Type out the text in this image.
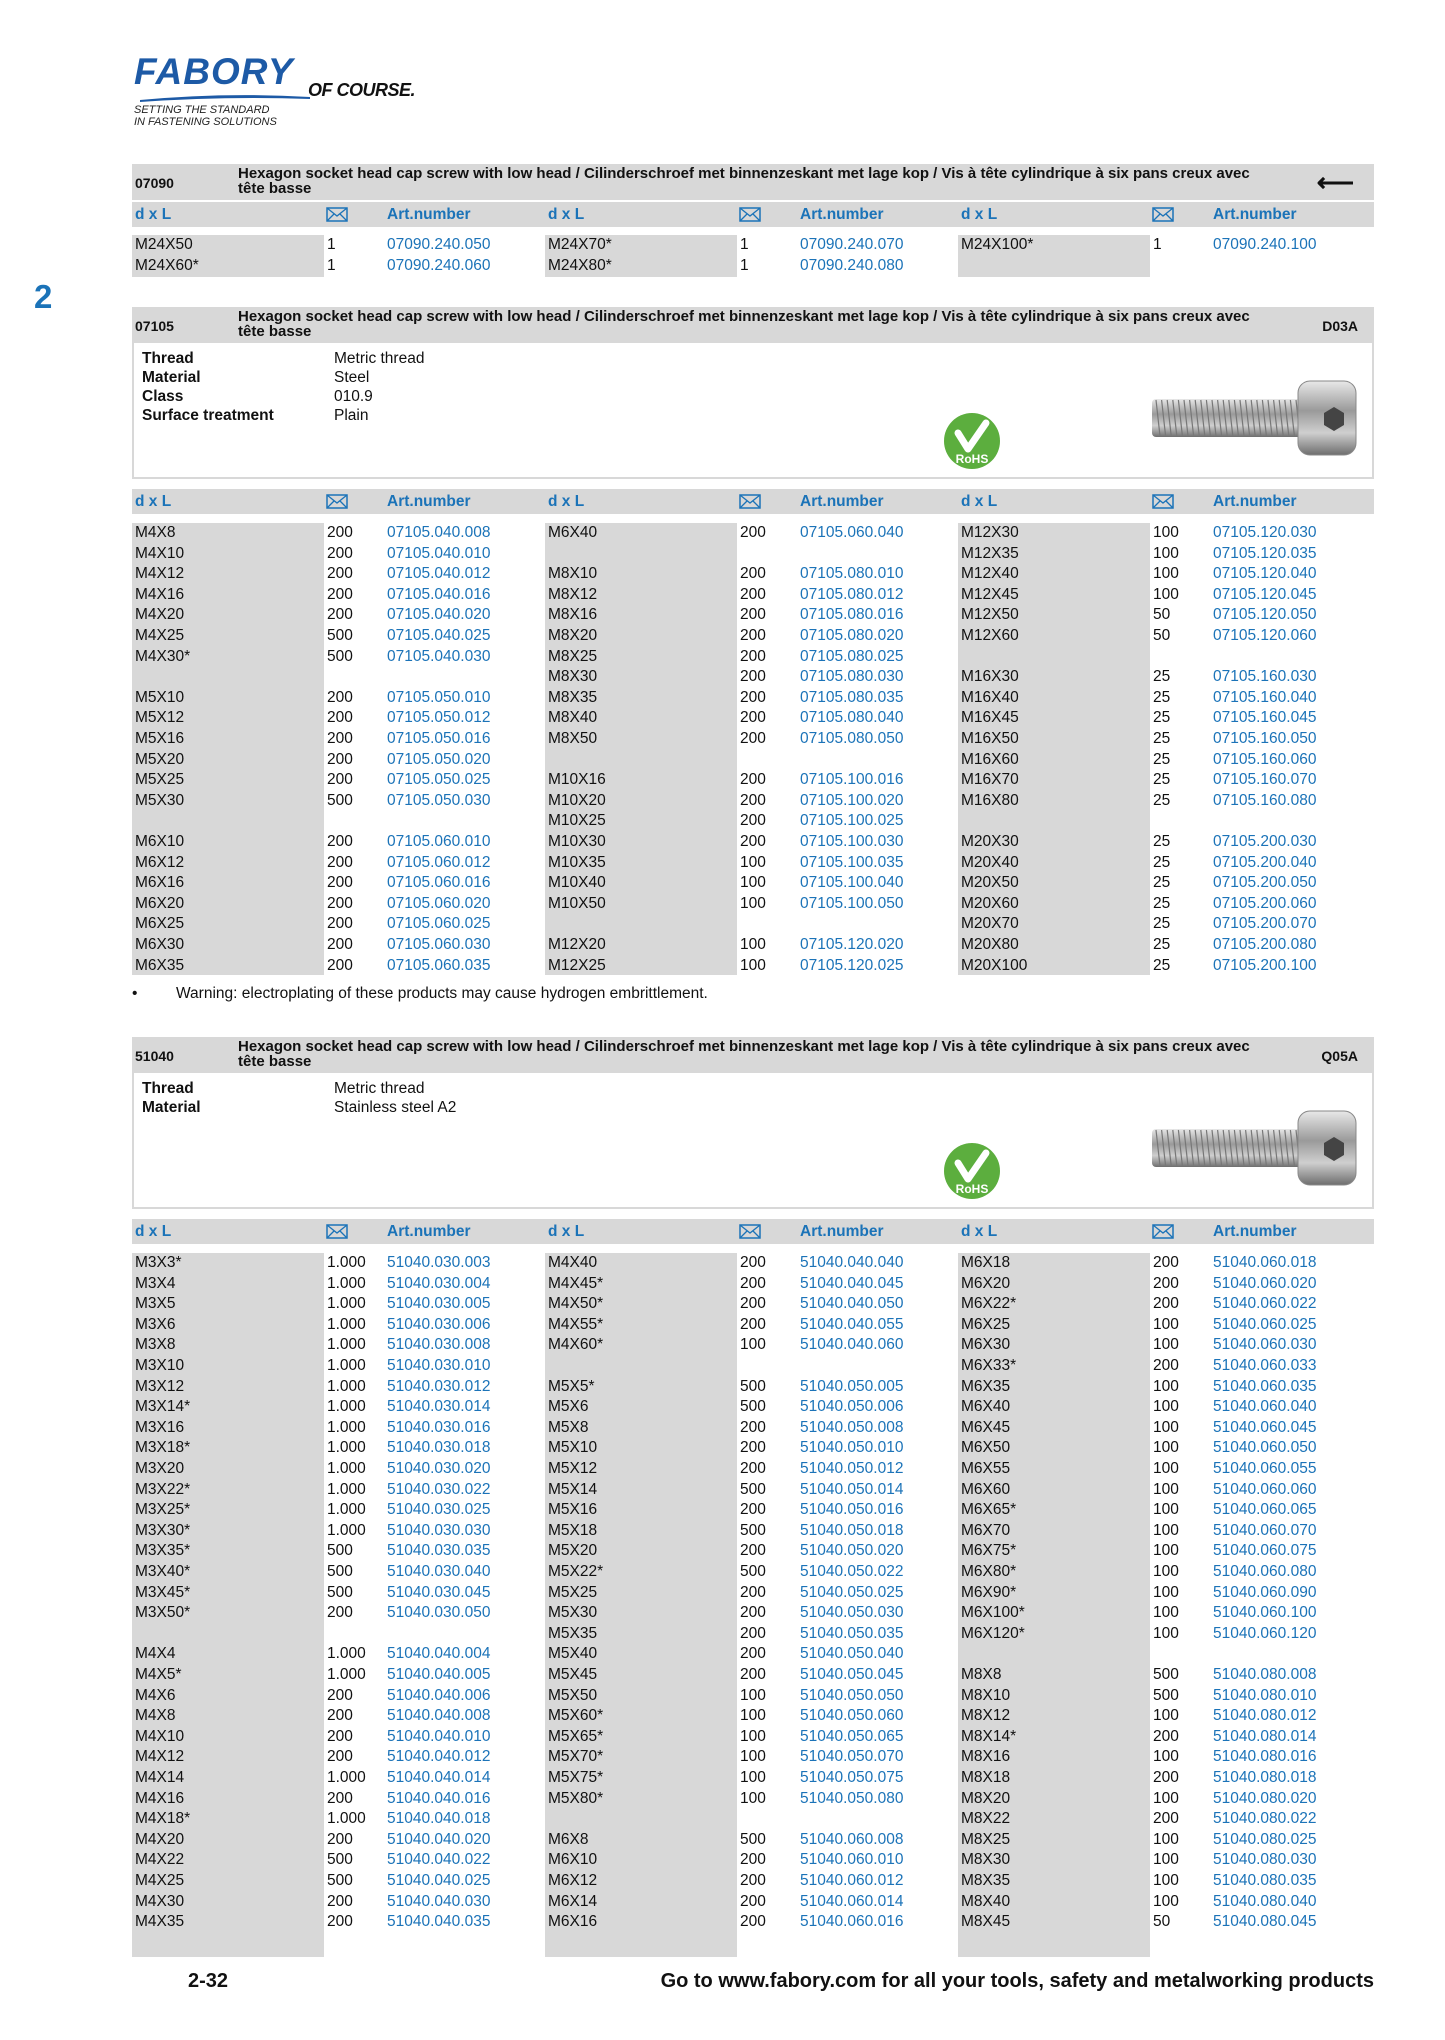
FABORY OF COURSE.
SETTING THE STANDARD
IN FASTENING SOLUTIONS
2
07090
Hexagon socket head cap screw with low head / Cilinderschroef met binnenzeskant met lage kop / Vis à tête cylindrique à six pans creux avec tête basse	⟵
d x L	Art.number	d x L	Art.number	d x L	Art.number
M24X50	1	07090.240.050
M24X60*	1	07090.240.060
M24X70*	1	07090.240.070
M24X80*	1	07090.240.080
M24X100*	1	07090.240.100
07105
Hexagon socket head cap screw with low head / Cilinderschroef met binnenzeskant met lage kop / Vis à tête cylindrique à six pans creux avec tête basse	D03A
Thread	Metric thread
Material	Steel
Class	010.9
Surface treatment	Plain
RoHS
d x L	Art.number	d x L	Art.number	d x L	Art.number
M4X8	200 07105.040.008
M4X10	200 07105.040.010
M4X12	200 07105.040.012
M4X16	200 07105.040.016
M4X20	200 07105.040.020
M4X25	500 07105.040.025
M4X30*	500 07105.040.030
M5X10	200 07105.050.010
M5X12	200 07105.050.012
M5X16	200 07105.050.016
M5X20	200 07105.050.020
M5X25	200 07105.050.025
M5X30	500 07105.050.030
M6X10	200 07105.060.010
M6X12	200 07105.060.012
M6X16	200 07105.060.016
M6X20	200 07105.060.020
M6X25	200 07105.060.025
M6X30	200 07105.060.030
M6X35	200 07105.060.035
M6X40	200 07105.060.040
M8X10	200 07105.080.010
M8X12	200 07105.080.012
M8X16	200 07105.080.016
M8X20	200 07105.080.020
M8X25	200 07105.080.025
M8X30	200 07105.080.030
M8X35	200 07105.080.035
M8X40	200 07105.080.040
M8X50	200 07105.080.050
M10X16	200 07105.100.016
M10X20	200 07105.100.020
M10X25	200 07105.100.025
M10X30	200 07105.100.030
M10X35	100 07105.100.035
M10X40	100 07105.100.040
M10X50	100 07105.100.050
M12X20	100 07105.120.020
M12X25	100 07105.120.025
M12X30	100 07105.120.030
M12X35	100 07105.120.035
M12X40	100 07105.120.040
M12X45	100 07105.120.045
M12X50	50	07105.120.050
M12X60	50	07105.120.060
M16X30	25	07105.160.030
M16X40	25	07105.160.040
M16X45	25	07105.160.045
M16X50	25	07105.160.050
M16X60	25	07105.160.060
M16X70	25	07105.160.070
M16X80	25	07105.160.080
M20X30	25	07105.200.030
M20X40	25	07105.200.040
M20X50	25	07105.200.050
M20X60	25	07105.200.060
M20X70	25	07105.200.070
M20X80	25	07105.200.080
M20X100	25	07105.200.100
• Warning: electroplating of these products may cause hydrogen embrittlement.
51040
Hexagon socket head cap screw with low head / Cilinderschroef met binnenzeskant met lage kop / Vis à tête cylindrique à six pans creux avec tête basse	Q05A
Thread	Metric thread
Material	Stainless steel A2
RoHS
d x L	Art.number	d x L	Art.number	d x L	Art.number
M3X3*	1.000 51040.030.003
M3X4	1.000 51040.030.004
M3X5	1.000 51040.030.005
M3X6	1.000 51040.030.006
M3X8	1.000 51040.030.008
M3X10	1.000 51040.030.010
M3X12	1.000 51040.030.012
M3X14*	1.000 51040.030.014
M3X16	1.000 51040.030.016
M3X18*	1.000 51040.030.018
M3X20	1.000 51040.030.020
M3X22*	1.000 51040.030.022
M3X25*	1.000 51040.030.025
M3X30*	1.000 51040.030.030
M3X35*	500 51040.030.035
M3X40*	500 51040.030.040
M3X45*	500 51040.030.045
M3X50*	200 51040.030.050
M4X4	1.000 51040.040.004
M4X5*	1.000 51040.040.005
M4X6	200 51040.040.006
M4X8	200 51040.040.008
M4X10	200 51040.040.010
M4X12	200 51040.040.012
M4X14	1.000 51040.040.014
M4X16	200 51040.040.016
M4X18*	1.000 51040.040.018
M4X20	200 51040.040.020
M4X22	500 51040.040.022
M4X25	500 51040.040.025
M4X30	200 51040.040.030
M4X35	200 51040.040.035
M4X40	200 51040.040.040
M4X45*	200 51040.040.045
M4X50*	200 51040.040.050
M4X55*	200 51040.040.055
M4X60*	100 51040.040.060
M5X5*	500 51040.050.005
M5X6	500 51040.050.006
M5X8	200 51040.050.008
M5X10	200 51040.050.010
M5X12	200 51040.050.012
M5X14	500 51040.050.014
M5X16	200 51040.050.016
M5X18	500 51040.050.018
M5X20	200 51040.050.020
M5X22*	500 51040.050.022
M5X25	200 51040.050.025
M5X30	200 51040.050.030
M5X35	200 51040.050.035
M5X40	200 51040.050.040
M5X45	200 51040.050.045
M5X50	100 51040.050.050
M5X60*	100 51040.050.060
M5X65*	100 51040.050.065
M5X70*	100 51040.050.070
M5X75*	100 51040.050.075
M5X80*	100 51040.050.080
M6X8	500 51040.060.008
M6X10	200 51040.060.010
M6X12	200 51040.060.012
M6X14	200 51040.060.014
M6X16	200 51040.060.016
M6X18	200 51040.060.018
M6X20	200 51040.060.020
M6X22*	200 51040.060.022
M6X25	100 51040.060.025
M6X30	100 51040.060.030
M6X33*	200 51040.060.033
M6X35	100 51040.060.035
M6X40	100 51040.060.040
M6X45	100 51040.060.045
M6X50	100 51040.060.050
M6X55	100 51040.060.055
M6X60	100 51040.060.060
M6X65*	100 51040.060.065
M6X70	100 51040.060.070
M6X75*	100 51040.060.075
M6X80*	100 51040.060.080
M6X90*	100 51040.060.090
M6X100*	100 51040.060.100
M6X120*	100 51040.060.120
M8X8	500 51040.080.008
M8X10	500 51040.080.010
M8X12	100 51040.080.012
M8X14*	200 51040.080.014
M8X16	100 51040.080.016
M8X18	200 51040.080.018
M8X20	100 51040.080.020
M8X22	200 51040.080.022
M8X25	100 51040.080.025
M8X30	100 51040.080.030
M8X35	100 51040.080.035
M8X40	100 51040.080.040
M8X45	50	51040.080.045
2-32	Go to www.fabory.com for all your tools, safety and metalworking products
